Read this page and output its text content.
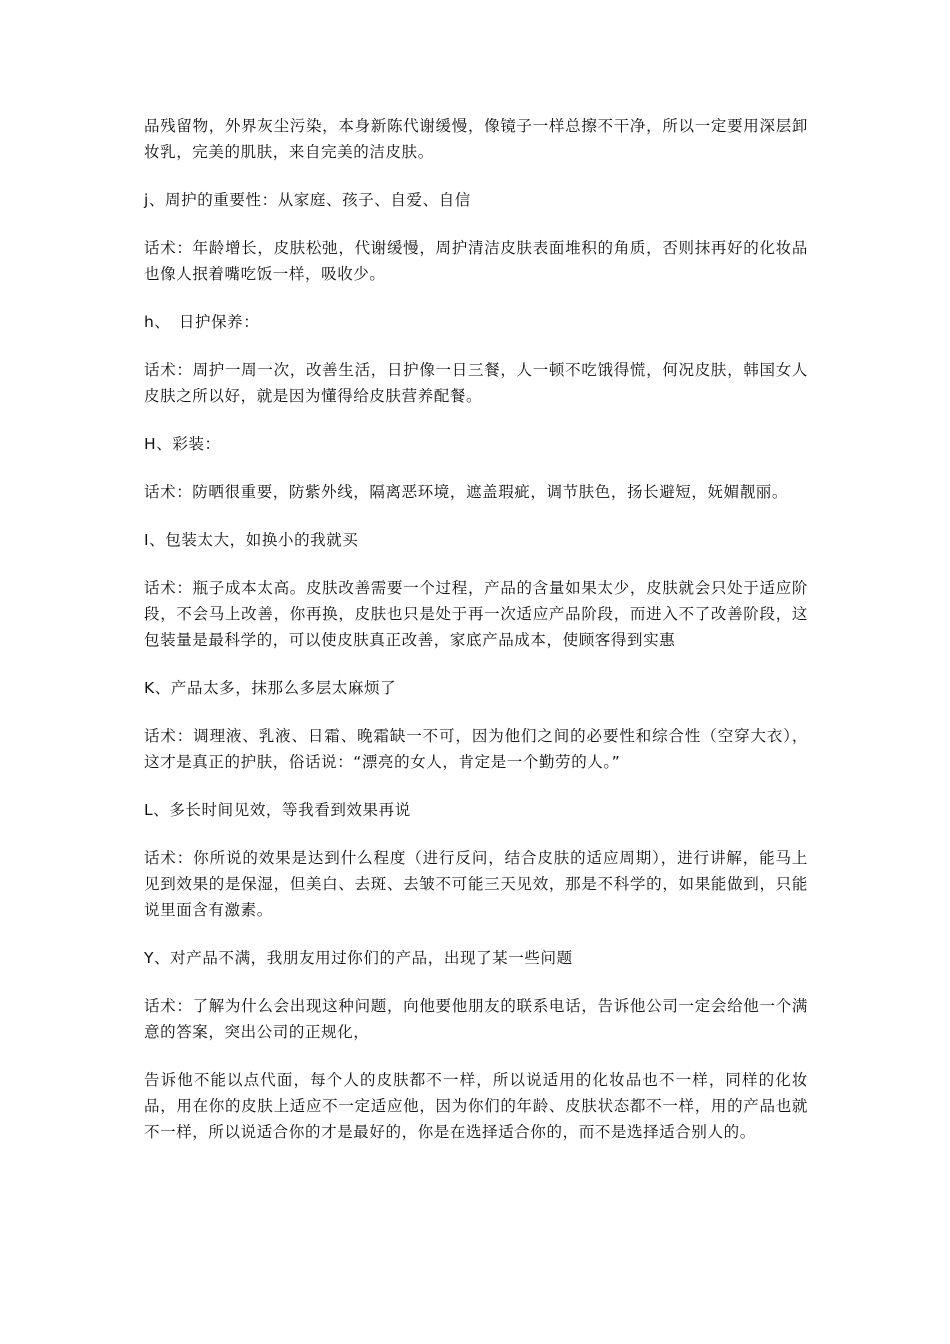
品残留物，外界灰尘污染，本身新陈代谢缓慢，像镜子一样总擦不干净，所以一定要用深层卸妆乳，完美的肌肤，来自完美的洁皮肤。

j、周护的重要性：从家庭、孩子、自爱、自信

话术：年龄增长，皮肤松弛，代谢缓慢，周护清洁皮肤表面堆积的角质，否则抹再好的化妆品也像人抿着嘴吃饭一样，吸收少。

h、　日护保养：

话术：周护一周一次，改善生活，日护像一日三餐，人一顿不吃饿得慌，何况皮肤，韩国女人皮肤之所以好，就是因为懂得给皮肤营养配餐。

H、彩装：

话术：防晒很重要，防紫外线，隔离恶环境，遮盖瑕疵，调节肤色，扬长避短，妩媚靓丽。

I、包装太大，如换小的我就买

话术：瓶子成本太高。皮肤改善需要一个过程，产品的含量如果太少，皮肤就会只处于适应阶段，不会马上改善，你再换，皮肤也只是处于再一次适应产品阶段，而进入不了改善阶段，这包装量是最科学的，可以使皮肤真正改善，家底产品成本，使顾客得到实惠

K、产品太多，抹那么多层太麻烦了

话术：调理液、乳液、日霜、晚霜缺一不可，因为他们之间的必要性和综合性（空穿大衣），这才是真正的护肤，俗话说：“漂亮的女人，肯定是一个勤劳的人。”

L、多长时间见效，等我看到效果再说

话术：你所说的效果是达到什么程度（进行反问，结合皮肤的适应周期），进行讲解，能马上见到效果的是保湿，但美白、去斑、去皱不可能三天见效，那是不科学的，如果能做到，只能说里面含有激素。

Y、对产品不满，我朋友用过你们的产品，出现了某一些问题

话术：了解为什么会出现这种问题，向他要他朋友的联系电话，告诉他公司一定会给他一个满意的答案，突出公司的正规化，

告诉他不能以点代面，每个人的皮肤都不一样，所以说适用的化妆品也不一样，同样的化妆品，用在你的皮肤上适应不一定适应他，因为你们的年龄、皮肤状态都不一样，用的产品也就不一样，所以说适合你的才是最好的，你是在选择适合你的，而不是选择适合别人的。
